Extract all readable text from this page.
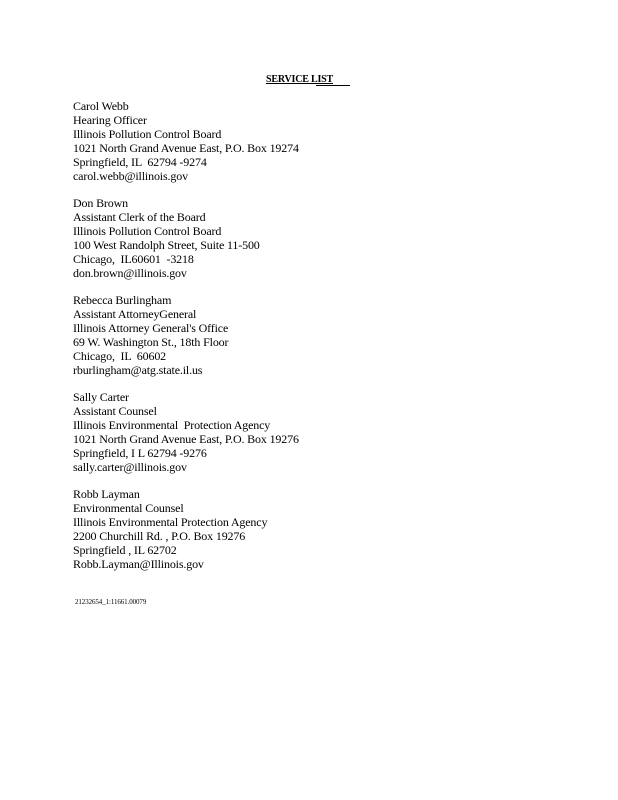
SERVICE LIST
Carol Webb
Hearing Officer
Illinois Pollution Control Board
1021 North Grand Avenue East, P.O. Box 19274
Springfield, IL  62794 -9274
carol.webb@illinois.gov
Don Brown
Assistant Clerk of the Board
Illinois Pollution Control Board
100 West Randolph Street, Suite 11-500
Chicago,  IL60601  -3218
don.brown@illinois.gov
Rebecca Burlingham
Assistant AttorneyGeneral
Illinois Attorney General's Office
69 W. Washington St., 18th Floor
Chicago,  IL  60602
rburlingham@atg.state.il.us
Sally Carter
Assistant Counsel
Illinois Environmental  Protection Agency
1021 North Grand Avenue East, P.O. Box 19276
Springfield, I L 62794 -9276
sally.carter@illinois.gov
Robb Layman
Environmental Counsel
Illinois Environmental Protection Agency
2200 Churchill Rd. , P.O. Box 19276
Springfield , IL 62702
Robb.Layman@Illinois.gov
21232654_1:11661.00079
